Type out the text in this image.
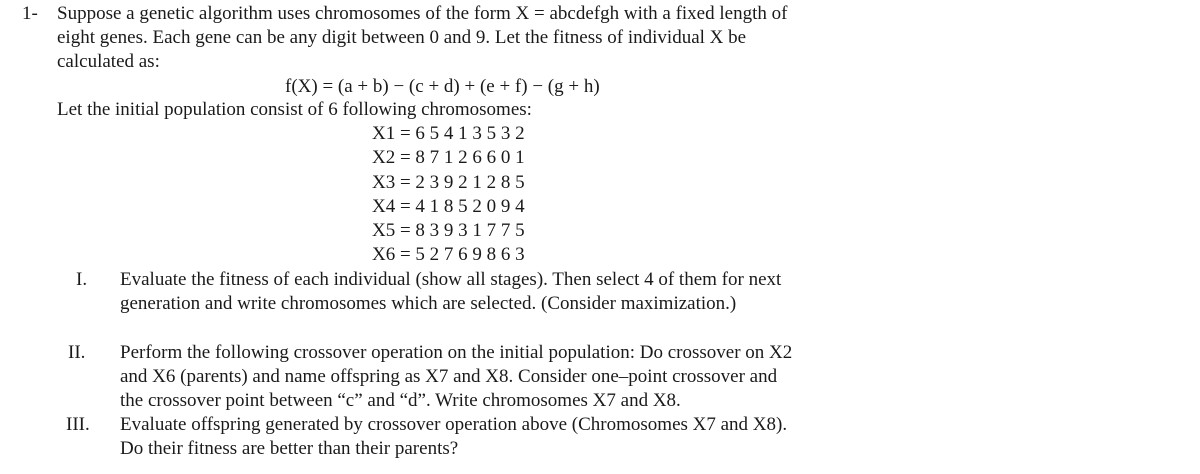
1- Suppose a genetic algorithm uses chromosomes of the form X = abcdefgh with a fixed length of
eight genes. Each gene can be any digit between 0 and 9. Let the fitness of individual X be
calculated as:

f(X) = (a + b) − (c + d) + (e + f) − (g + h)
Let the initial population consist of 6 following chromosomes:
X1 = 6 5 4 1 3 5 3 2
X2 = 8 7 1 2 6 6 0 1
X3 = 2 3 9 2 1 2 8 5
X4 = 4 1 8 5 2 0 9 4
X5 = 8 3 9 3 1 7 7 5
X6 = 5 2 7 6 9 8 6 3
I. Evaluate the fitness of each individual (show all stages). Then select 4 of them for next
generation and write chromosomes which are selected. (Consider maximization.)
II. Perform the following crossover operation on the initial population: Do crossover on X2
and X6 (parents) and name offspring as X7 and X8. Consider one–point crossover and
the crossover point between “c” and “d”. Write chromosomes X7 and X8.
III. Evaluate offspring generated by crossover operation above (Chromosomes X7 and X8).
Do their fitness are better than their parents?
